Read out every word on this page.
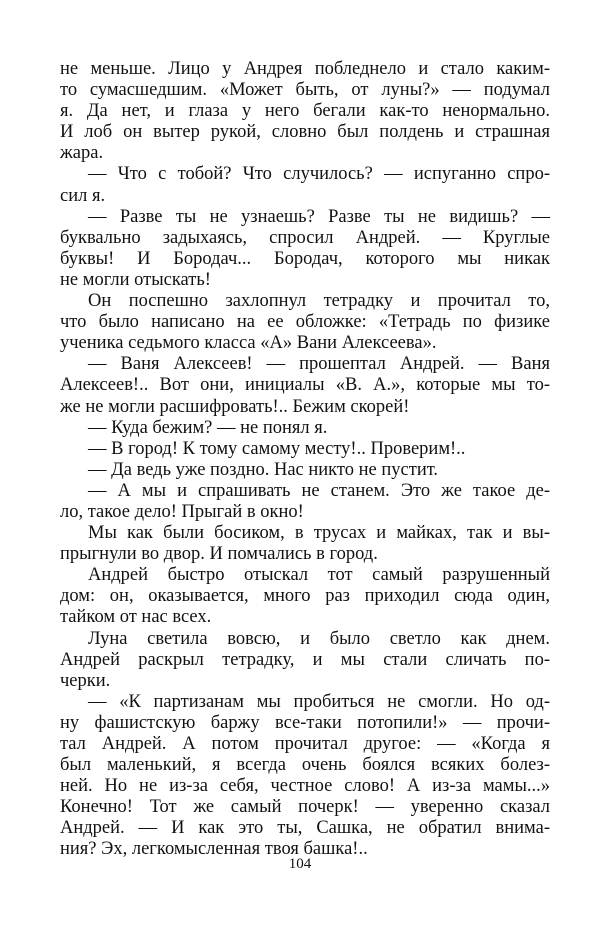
не меньше. Лицо у Андрея побледнело и стало каким-
то сумасшедшим. «Может быть, от луны?» — подумал
я. Да нет, и глаза у него бегали как-то ненормально.
И лоб он вытер рукой, словно был полдень и страшная
жара.
— Что с тобой? Что случилось? — испуганно спро-
сил я.
— Разве ты не узнаешь? Разве ты не видишь? —
буквально задыхаясь, спросил Андрей. — Круглые
буквы! И Бородач... Бородач, которого мы никак
не могли отыскать!
Он поспешно захлопнул тетрадку и прочитал то,
что было написано на ее обложке: «Тетрадь по физике
ученика седьмого класса «А» Вани Алексеева».
— Ваня Алексеев! — прошептал Андрей. — Ваня
Алексеев!.. Вот они, инициалы «В. А.», которые мы то-
же не могли расшифровать!.. Бежим скорей!
— Куда бежим? — не понял я.
— В город! К тому самому месту!.. Проверим!..
— Да ведь уже поздно. Нас никто не пустит.
— А мы и спрашивать не станем. Это же такое де-
ло, такое дело! Прыгай в окно!
Мы как были босиком, в трусах и майках, так и вы-
прыгнули во двор. И помчались в город.
Андрей быстро отыскал тот самый разрушенный
дом: он, оказывается, много раз приходил сюда один,
тайком от нас всех.
Луна светила вовсю, и было светло как днем.
Андрей раскрыл тетрадку, и мы стали сличать по-
черки.
— «К партизанам мы пробиться не смогли. Но од-
ну фашистскую баржу все-таки потопили!» — прочи-
тал Андрей. А потом прочитал другое: — «Когда я
был маленький, я всегда очень боялся всяких болез-
ней. Но не из-за себя, честное слово! А из-за мамы...»
Конечно! Тот же самый почерк! — уверенно сказал
Андрей. — И как это ты, Сашка, не обратил внима-
ния? Эх, легкомысленная твоя башка!..
104
